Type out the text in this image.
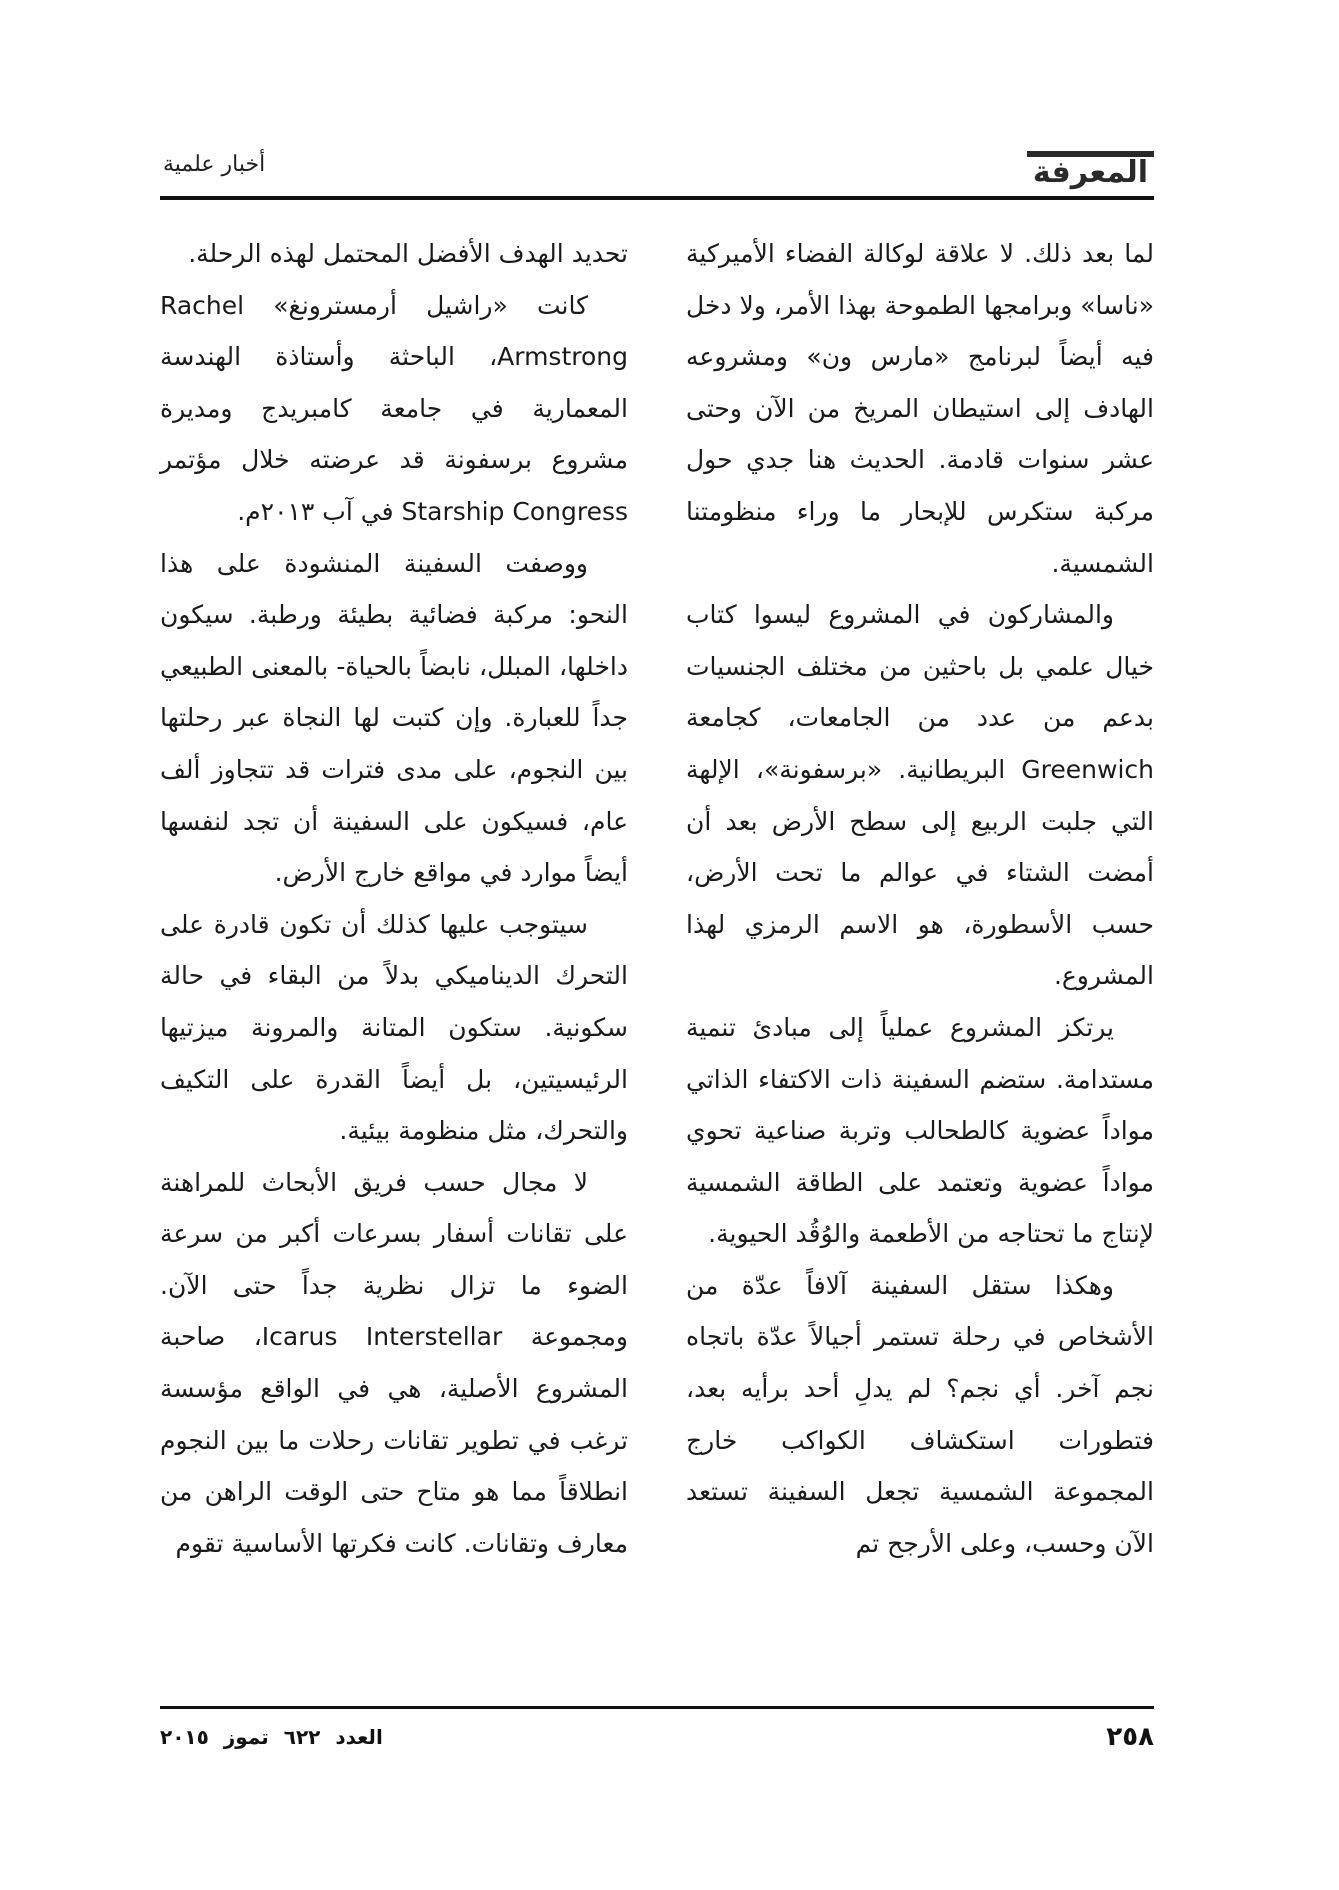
المعرفة
أخبار علمية

لما بعد ذلك. لا علاقة لوكالة الفضاء الأميركية «ناسا» وبرامجها الطموحة بهذا الأمر، ولا دخل فيه أيضاً لبرنامج «مارس ون» ومشروعه الهادف إلى استيطان المريخ من الآن وحتى عشر سنوات قادمة. الحديث هنا جدي حول مركبة ستكرس للإبحار ما وراء منظومتنا الشمسية.

والمشاركون في المشروع ليسوا كتاب خيال علمي بل باحثين من مختلف الجنسيات بدعم من عدد من الجامعات، كجامعة Greenwich البريطانية. «برسفونة»، الإلهة التي جلبت الربيع إلى سطح الأرض بعد أن أمضت الشتاء في عوالم ما تحت الأرض، حسب الأسطورة، هو الاسم الرمزي لهذا المشروع.

يرتكز المشروع عملياً إلى مبادئ تنمية مستدامة. ستضم السفينة ذات الاكتفاء الذاتي مواداً عضوية كالطحالب وتربة صناعية تحوي مواداً عضوية وتعتمد على الطاقة الشمسية لإنتاج ما تحتاجه من الأطعمة والوُقُد الحيوية.

وهكذا ستقل السفينة آلافاً عدّة من الأشخاص في رحلة تستمر أجيالاً عدّة باتجاه نجم آخر. أي نجم؟ لم يدلِ أحد برأيه بعد، فتطورات استكشاف الكواكب خارج المجموعة الشمسية تجعل السفينة تستعد الآن وحسب، وعلى الأرجح تم

تحديد الهدف الأفضل المحتمل لهذه الرحلة.

كانت «راشيل أرمسترونغ» Rachel Armstrong، الباحثة وأستاذة الهندسة المعمارية في جامعة كامبريدج ومديرة مشروع برسفونة قد عرضته خلال مؤتمر Starship Congress في آب ٢٠١٣م.

ووصفت السفينة المنشودة على هذا النحو: مركبة فضائية بطيئة ورطبة. سيكون داخلها، المبلل، نابضاً بالحياة- بالمعنى الطبيعي جداً للعبارة. وإن كتبت لها النجاة عبر رحلتها بين النجوم، على مدى فترات قد تتجاوز ألف عام، فسيكون على السفينة أن تجد لنفسها أيضاً موارد في مواقع خارج الأرض.

سيتوجب عليها كذلك أن تكون قادرة على التحرك الديناميكي بدلاً من البقاء في حالة سكونية. ستكون المتانة والمرونة ميزتيها الرئيسيتين، بل أيضاً القدرة على التكيف والتحرك، مثل منظومة بيئية.

لا مجال حسب فريق الأبحاث للمراهنة على تقانات أسفار بسرعات أكبر من سرعة الضوء ما تزال نظرية جداً حتى الآن. ومجموعة Icarus Interstellar، صاحبة المشروع الأصلية، هي في الواقع مؤسسة ترغب في تطوير تقانات رحلات ما بين النجوم انطلاقاً مما هو متاح حتى الوقت الراهن من معارف وتقانات. كانت فكرتها الأساسية تقوم

٢٥٨
العدد ٦٢٢ تموز ٢٠١٥
